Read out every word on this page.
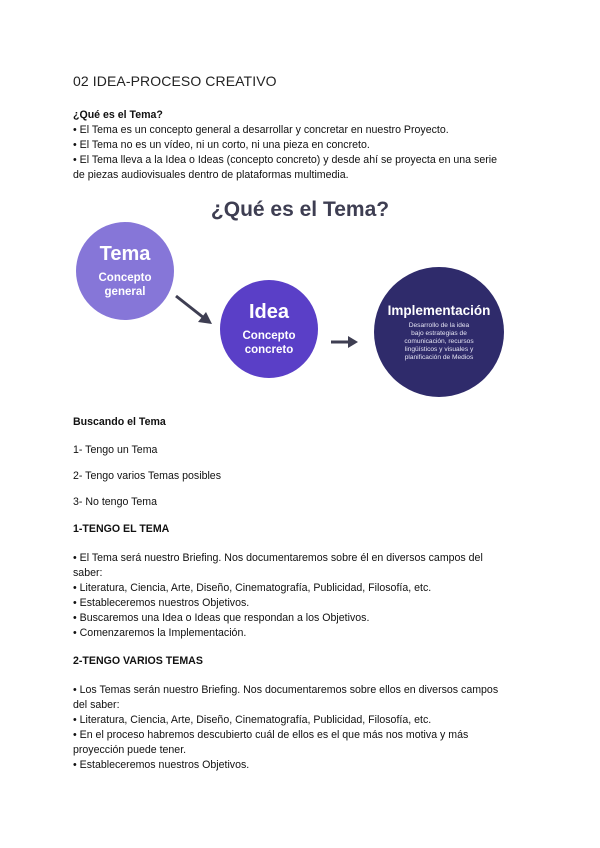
02 IDEA-PROCESO CREATIVO
¿Qué es el Tema?
• El Tema es un concepto general a desarrollar y concretar en nuestro Proyecto.
• El Tema no es un vídeo, ni un corto, ni una pieza en concreto.
• El Tema lleva a la Idea o Ideas (concepto concreto) y desde ahí se proyecta en una serie
de piezas audiovisuales dentro de plataformas multimedia.
¿Qué es el Tema?
Tema
Concepto
general
Idea
Concepto
concreto
Implementación
Desarrollo de la idea
bajo estrategias de
comunicación, recursos
lingüísticos y visuales y
planificación de Medios
Buscando el Tema
1- Tengo un Tema
2- Tengo varios Temas posibles
3- No tengo Tema
1-TENGO EL TEMA
• El Tema será nuestro Briefing. Nos documentaremos sobre él en diversos campos del
saber:
• Literatura, Ciencia, Arte, Diseño, Cinematografía, Publicidad, Filosofía, etc.
• Estableceremos nuestros Objetivos.
• Buscaremos una Idea o Ideas que respondan a los Objetivos.
• Comenzaremos la Implementación.
2-TENGO VARIOS TEMAS
• Los Temas serán nuestro Briefing. Nos documentaremos sobre ellos en diversos campos
del saber:
• Literatura, Ciencia, Arte, Diseño, Cinematografía, Publicidad, Filosofía, etc.
• En el proceso habremos descubierto cuál de ellos es el que más nos motiva y más
proyección puede tener.
• Estableceremos nuestros Objetivos.
